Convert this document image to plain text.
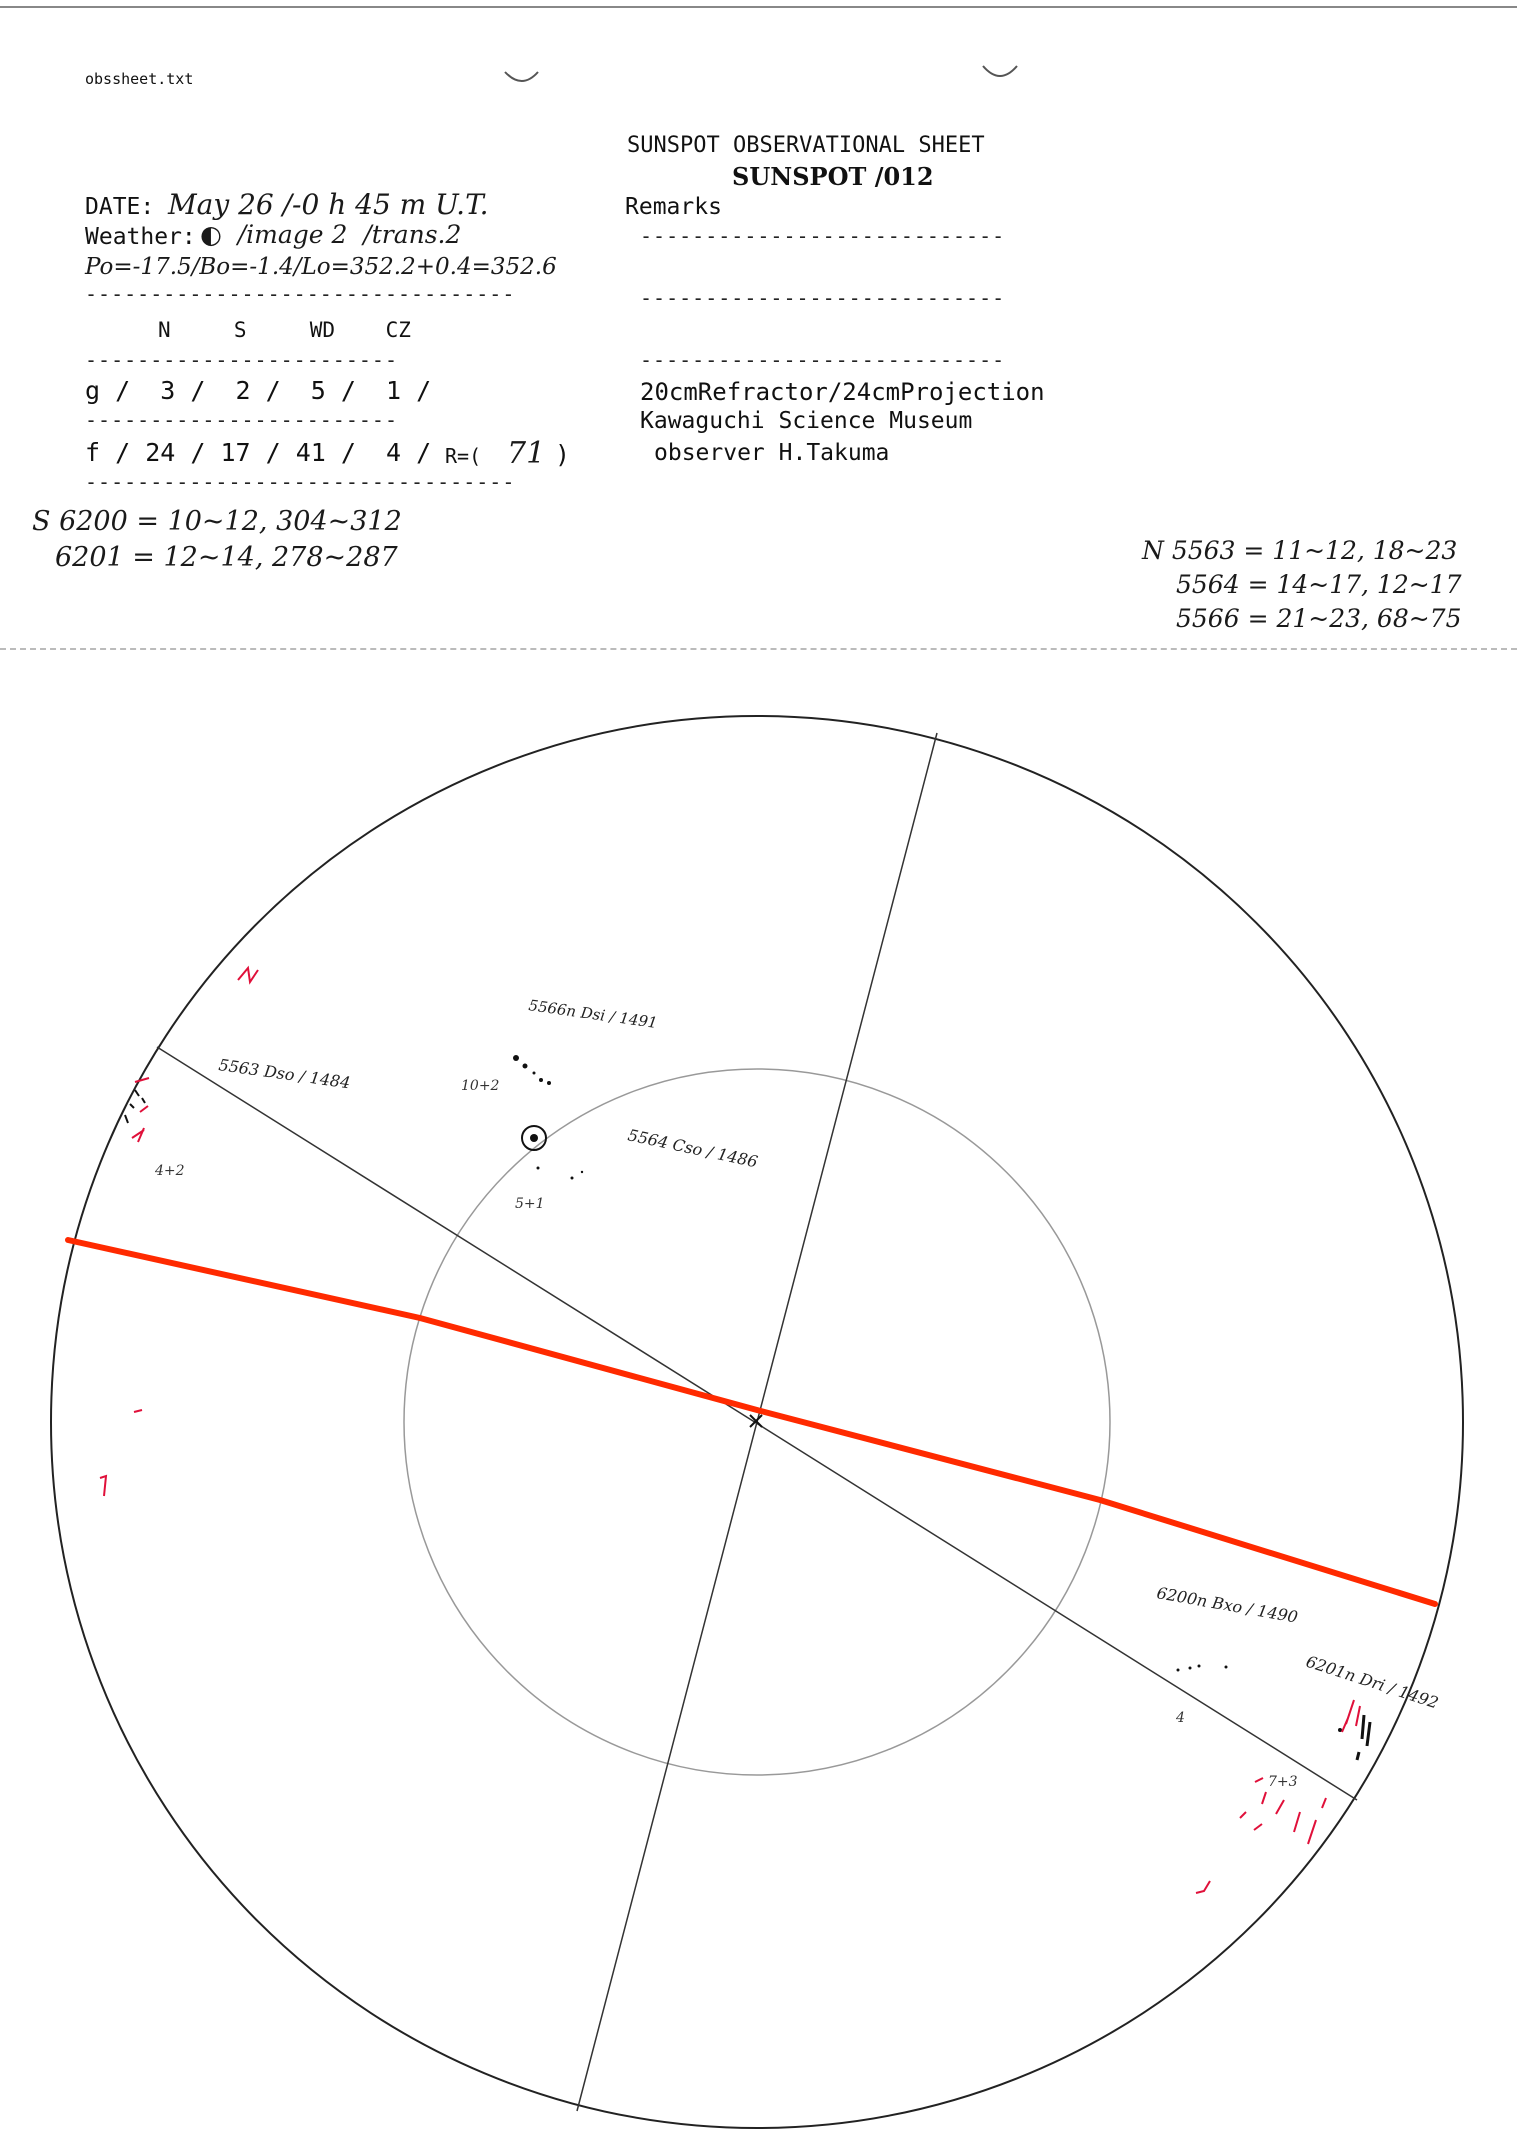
obssheet.txt
SUNSPOT OBSERVATIONAL SHEET
SUNSPOT /012
DATE: May 26 /-0 h 45 m U.T.
Weather: ◐  /image 2  /trans.2
Po=-17.5/Bo=-1.4/Lo=352.2+0.4=352.6
---------------------------------
N     S     WD    CZ
------------------------
g /  3 /  2 /  5 /  1 /
------------------------
f / 24 / 17 / 41 /  4 / R=( 71 )
---------------------------------
Remarks
----------------------------
----------------------------
----------------------------
20cmRefractor/24cmProjection
Kawaguchi Science Museum
observer H.Takuma
S 6200 = 10~12, 304~312
6201 = 12~14, 278~287	N 5563 = 11~12, 18~23
5564 = 14~17, 12~17
5566 = 21~23, 68~75
5566n Dsi / 1491
10+2
5563 Dso / 1484
4+2	5564 Cso / 1486
5+1
6200n Bxo / 1490
4
6201n Dri / 1492
7+3
